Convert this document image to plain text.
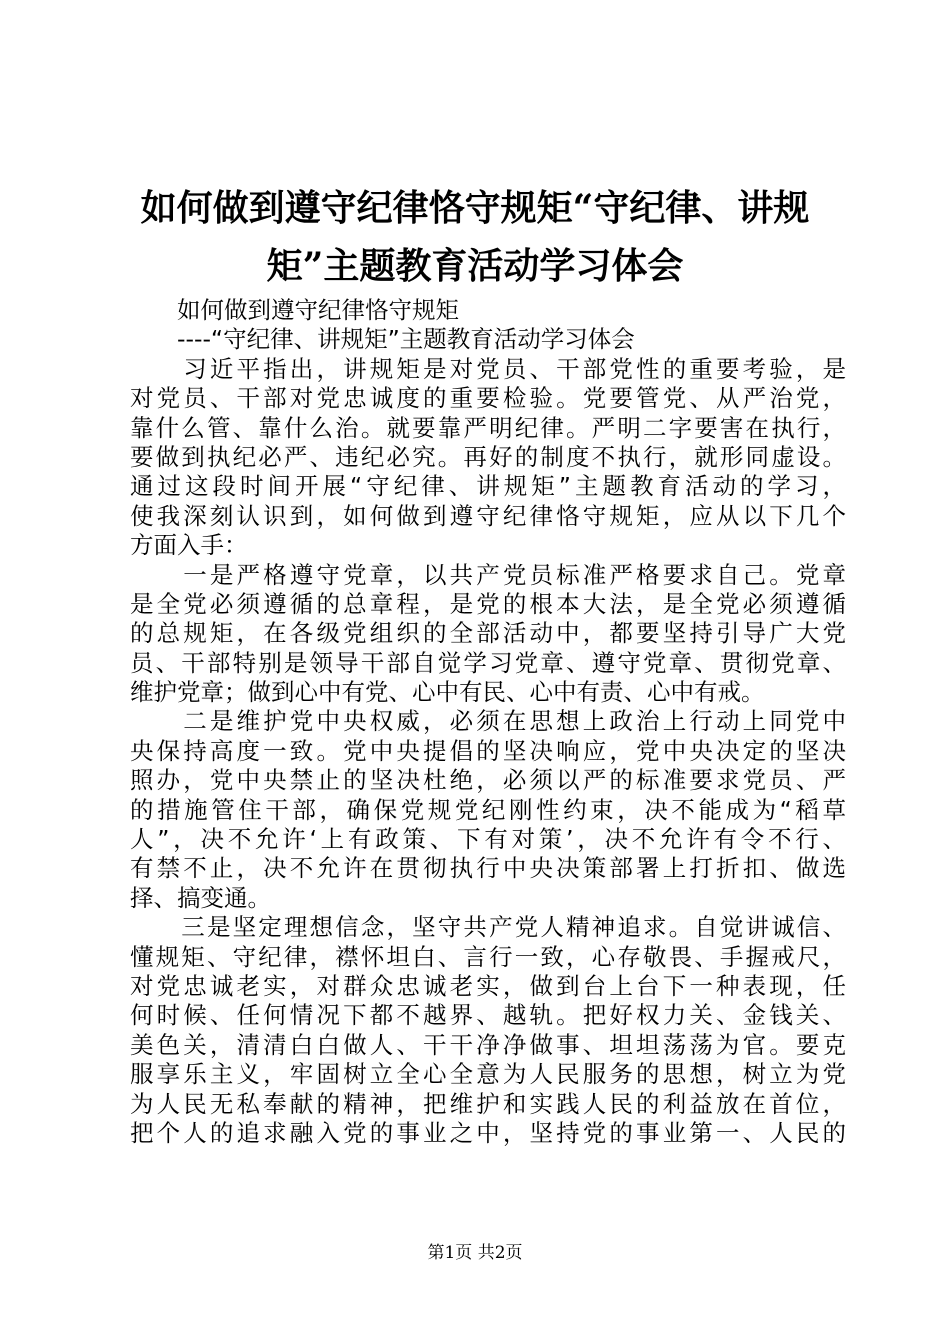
如何做到遵守纪律恪守规矩“守纪律、讲规
矩”主题教育活动学习体会
　　如何做到遵守纪律恪守规矩
　　----“守纪律、讲规矩”主题教育活动学习体会
　　习近平指出，讲规矩是对党员、干部党性的重要考验，是
对党员、干部对党忠诚度的重要检验。党要管党、从严治党，
靠什么管、靠什么治。就要靠严明纪律。严明二字要害在执行，
要做到执纪必严、违纪必究。再好的制度不执行，就形同虚设。
通过这段时间开展“守纪律、讲规矩”主题教育活动的学习，
使我深刻认识到，如何做到遵守纪律恪守规矩，应从以下几个
方面入手：
　　一是严格遵守党章，以共产党员标准严格要求自己。党章
是全党必须遵循的总章程，是党的根本大法，是全党必须遵循
的总规矩，在各级党组织的全部活动中，都要坚持引导广大党
员、干部特别是领导干部自觉学习党章、遵守党章、贯彻党章、
维护党章；做到心中有党、心中有民、心中有责、心中有戒。
　　二是维护党中央权威，必须在思想上政治上行动上同党中
央保持高度一致。党中央提倡的坚决响应，党中央决定的坚决
照办，党中央禁止的坚决杜绝，必须以严的标准要求党员、严
的措施管住干部，确保党规党纪刚性约束，决不能成为“稻草
人”，决不允许‘上有政策、下有对策’，决不允许有令不行、
有禁不止，决不允许在贯彻执行中央决策部署上打折扣、做选
择、搞变通。
　　三是坚定理想信念，坚守共产党人精神追求。自觉讲诚信、
懂规矩、守纪律，襟怀坦白、言行一致，心存敬畏、手握戒尺，
对党忠诚老实，对群众忠诚老实，做到台上台下一种表现，任
何时候、任何情况下都不越界、越轨。把好权力关、金钱关、
美色关，清清白白做人、干干净净做事、坦坦荡荡为官。要克
服享乐主义，牢固树立全心全意为人民服务的思想，树立为党
为人民无私奉献的精神，把维护和实践人民的利益放在首位，
把个人的追求融入党的事业之中，坚持党的事业第一、人民的
第1页 共2页
